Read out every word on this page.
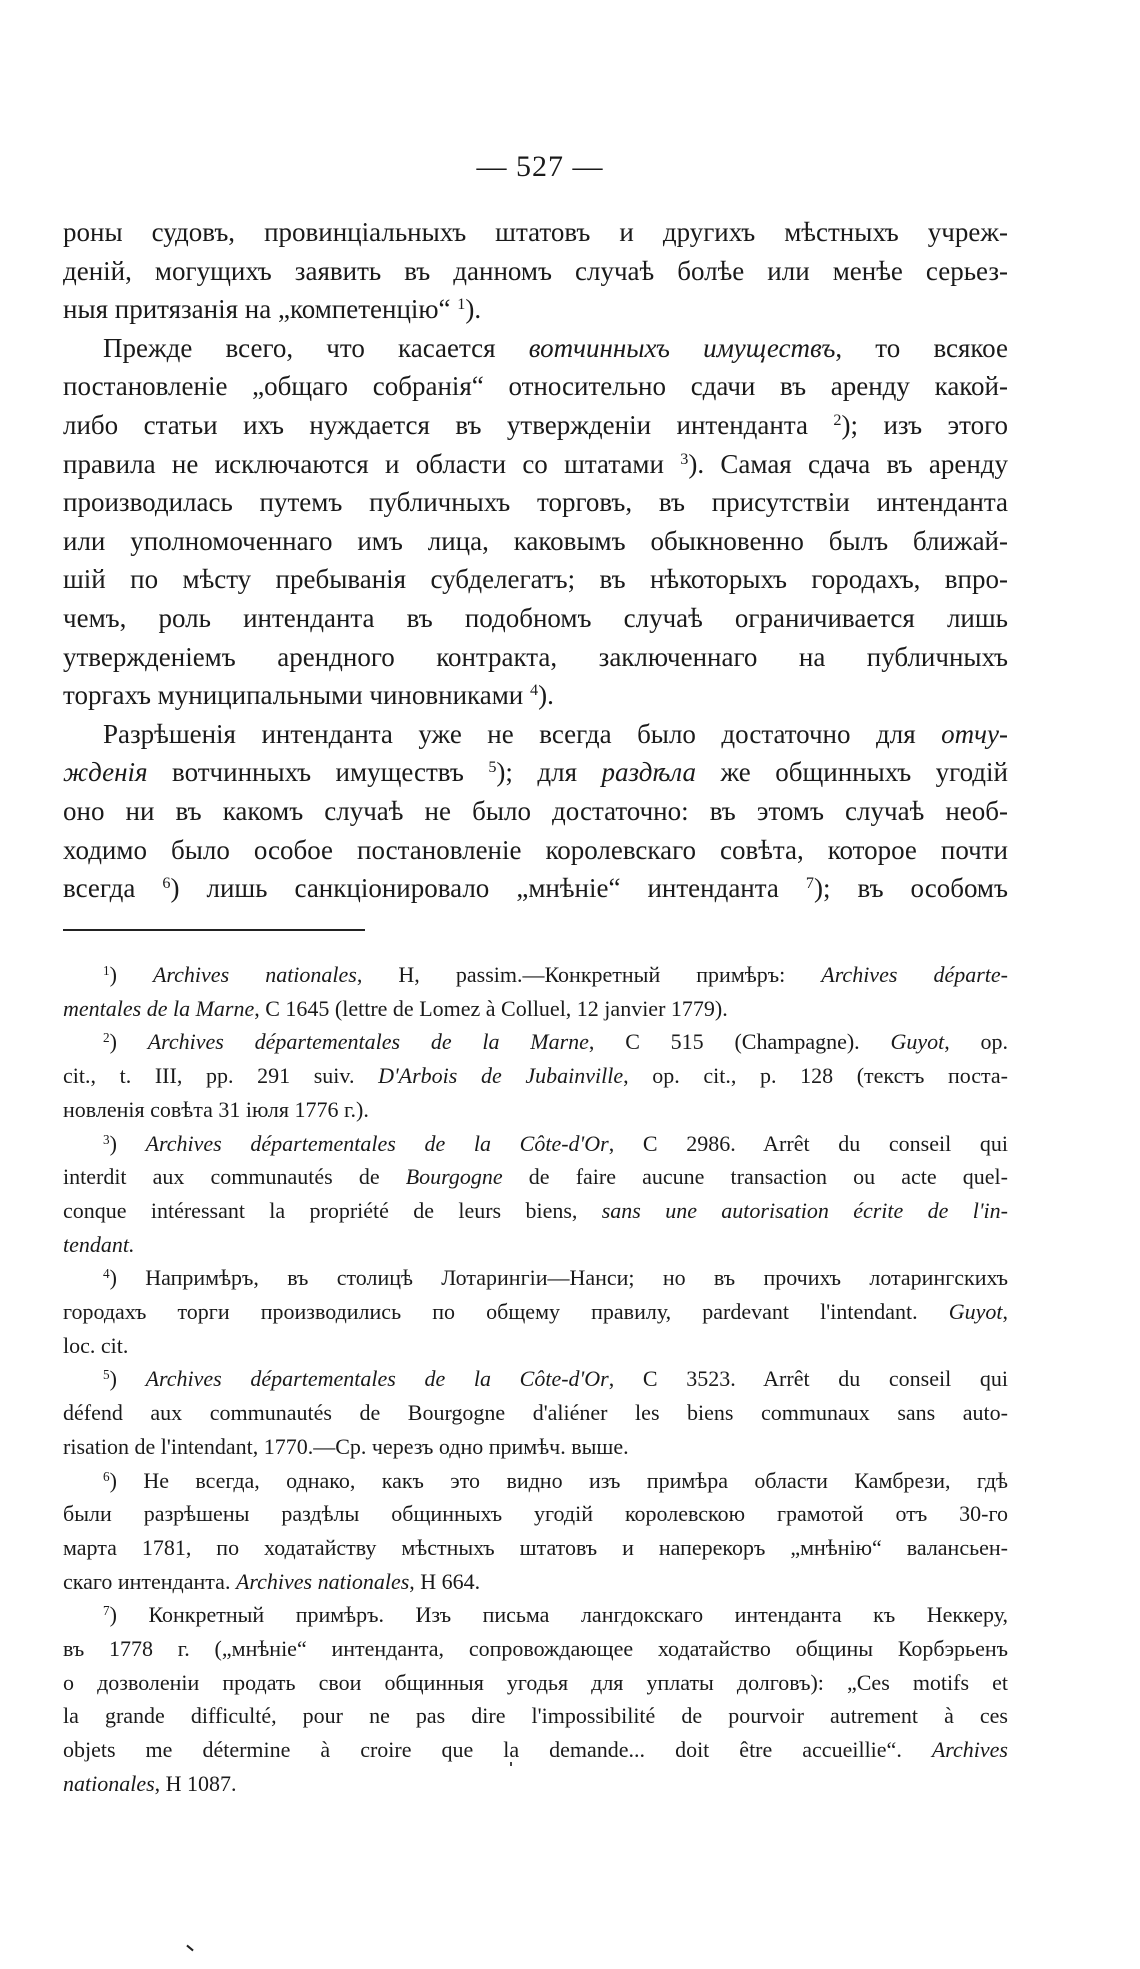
— 527 —
роны судовъ, провинціальныхъ штатовъ и другихъ мѣстныхъ учреж-
деній, могущихъ заявить въ данномъ случаѣ болѣе или менѣе серьез-
ныя притязанія на „компетенцію“ $^1$).
Прежде всего, что касается вотчинныхъ имуществъ, то всякое
постановленіе „общаго собранія“ относительно сдачи въ аренду какой-
либо статьи ихъ нуждается въ утвержденіи интенданта $^2$); изъ этого
правила не исключаются и области со штатами $^3$). Самая сдача въ аренду
производилась путемъ публичныхъ торговъ, въ присутствіи интенданта
или уполномоченнаго имъ лица, каковымъ обыкновенно былъ ближай-
шій по мѣсту пребыванія субделегатъ; въ нѣкоторыхъ городахъ, впро-
чемъ, роль интенданта въ подобномъ случаѣ ограничивается лишь
утвержденіемъ арендного контракта, заключеннаго на публичныхъ
торгахъ муниципальными чиновниками $^4$).
Разрѣшенія интенданта уже не всегда было достаточно для отчу-
жденія вотчинныхъ имуществъ $^5$); для раздѣла же общинныхъ угодій
оно ни въ какомъ случаѣ не было достаточно: въ этомъ случаѣ необ-
ходимо было особое постановленіе королевскаго совѣта, которое почти
всегда $^6$) лишь санкціонировало „мнѣніе“ интенданта $^7$); въ особомъ
$^1$) Archives nationales, H, passim.—Конкретный примѣръ: Archives départe-
mentales de la Marne, C 1645 (lettre de Lomez à Colluel, 12 janvier 1779).
$^2$) Archives départementales de la Marne, C 515 (Champagne). Guyot, op.
cit., t. III, pp. 291 suiv. D'Arbois de Jubainville, op. cit., p. 128 (текстъ поста-
новленія совѣта 31 іюля 1776 г.).
$^3$) Archives départementales de la Côte-d'Or, C 2986. Arrêt du conseil qui
interdit aux communautés de Bourgogne de faire aucune transaction ou acte quel-
conque intéressant la propriété de leurs biens, sans une autorisation écrite de l'in-
tendant.
$^4$) Напримѣръ, въ столицѣ Лотарингіи—Нанси; но въ прочихъ лотарингскихъ
городахъ торги производились по общему правилу, pardevant l'intendant. Guyot,
loc. cit.
$^5$) Archives départementales de la Côte-d'Or, C 3523. Arrêt du conseil qui
défend aux communautés de Bourgogne d'aliéner les biens communaux sans auto-
risation de l'intendant, 1770.—Ср. черезъ одно примѣч. выше.
$^6$) Не всегда, однако, какъ это видно изъ примѣра области Камбрези, гдѣ
были разрѣшены раздѣлы общинныхъ угодій королевскою грамотой отъ 30-го
марта 1781, по ходатайству мѣстныхъ штатовъ и наперекоръ „мнѣнію“ валансьен-
скаго интенданта. Archives nationales, H 664.
$^7$) Конкретный примѣръ. Изъ письма лангдокскаго интенданта къ Неккеру,
въ 1778 г. („мнѣніе“ интенданта, сопровождающее ходатайство общины Корбэрьенъ
о дозволеніи продать свои общинныя угодья для уплаты долговъ): „Ces motifs et
la grande difficulté, pour ne pas dire l'impossibilité de pourvoir autrement à ces
objets me détermine à croire que la demande... doit être accueillie“. Archives
nationales, H 1087.
